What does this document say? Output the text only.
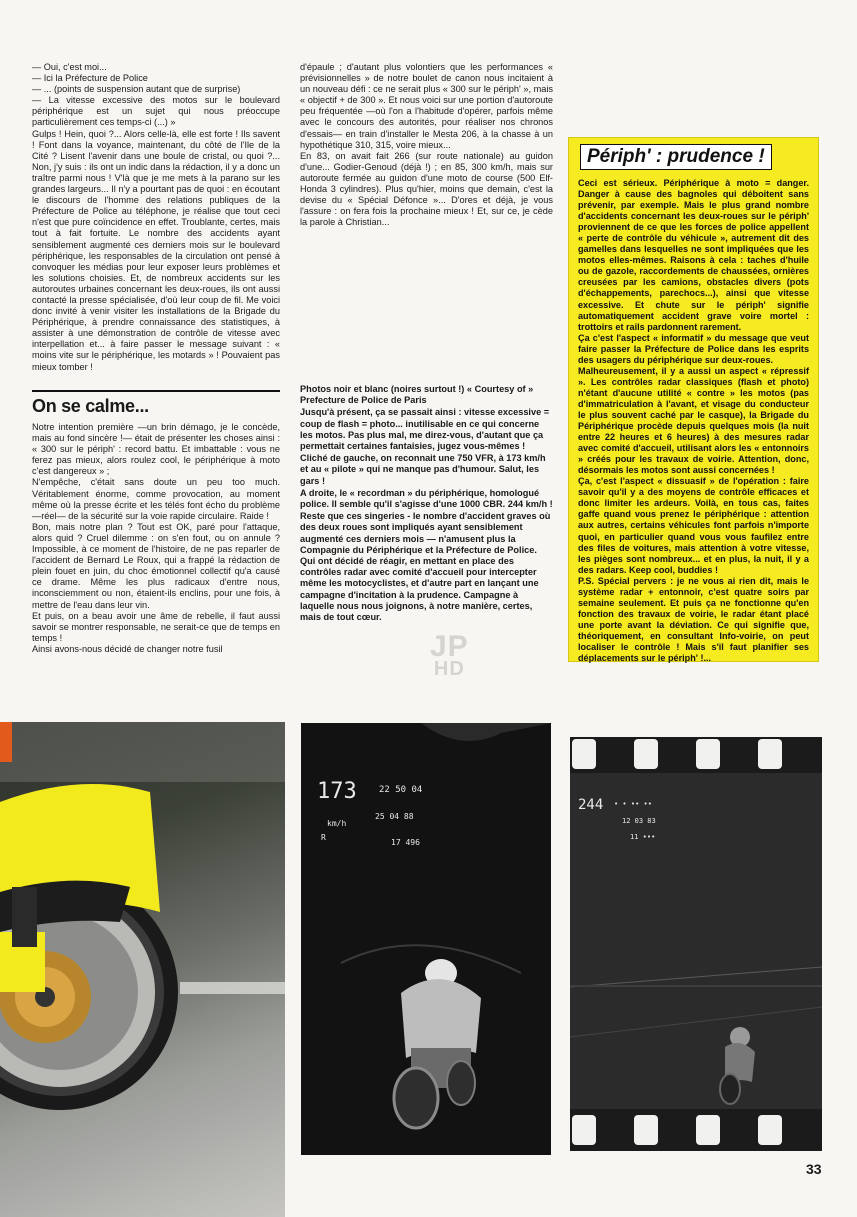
— Oui, c'est moi...

— Ici la Préfecture de Police

— ... (points de suspension autant que de surprise)

— La vitesse excessive des motos sur le boulevard périphérique est un sujet qui nous préoccupe particulièrement ces temps-ci (...) »

Gulps ! Hein, quoi ?... Alors celle-là, elle est forte ! Ils savent ! Font dans la voyance, maintenant, du côté de l'Ile de la Cité ? Lisent l'avenir dans une boule de cristal, ou quoi ?... Non, j'y suis : ils ont un indic dans la rédaction, il y a donc un traître parmi nous ! V'là que je me mets à la parano sur les grandes largeurs... Il n'y a pourtant pas de quoi : en écoutant le discours de l'homme des relations publiques de la Préfecture de Police au téléphone, je réalise que tout ceci n'est que pure coïncidence en effet. Troublante, certes, mais tout à fait fortuite. Le nombre des accidents ayant sensiblement augmenté ces derniers mois sur le boulevard périphérique, les responsables de la circulation ont pensé à convoquer les médias pour leur exposer leurs problèmes et les solutions choisies. Et, de nombreux accidents sur les autoroutes urbaines concernant les deux-roues, ils ont aussi contacté la presse spécialisée, d'où leur coup de fil. Me voici donc invité à venir visiter les installations de la Brigade du Périphérique, à prendre connaissance des statistiques, à assister à une démonstration de contrôle de vitesse avec interpellation et... à faire passer le message suivant : « moins vite sur le périphérique, les motards » ! Pouvaient pas mieux tomber !

d'épaule ; d'autant plus volontiers que les performances « prévisionnelles » de notre boulet de canon nous incitaient à un nouveau défi : ce ne serait plus « 300 sur le périph' », mais « objectif + de 300 ». Et nous voici sur une portion d'autoroute peu fréquentée —où l'on a l'habitude d'opérer, parfois même avec le concours des autorités, pour réaliser nos chronos d'essais— en train d'installer le Mesta 206, à la chasse à un hypothétique 310, 315, voire mieux...

En 83, on avait fait 266 (sur route nationale) au guidon d'une... Godier-Genoud (déjà !) ; en 85, 300 km/h, mais sur autoroute fermée au guidon d'une moto de course (500 Elf-Honda 3 cylindres). Plus qu'hier, moins que demain, c'est la devise du « Spécial Défonce »... D'ores et déjà, je vous l'assure : on fera fois la prochaine mieux ! Et, sur ce, je cède la parole à Christian...

On se calme...

Notre intention première —un brin démago, je le concède, mais au fond sincère !— était de présenter les choses ainsi : « 300 sur le périph' : record battu. Et imbattable : vous ne ferez pas mieux, alors roulez cool, le périphérique à moto c'est dangereux » ;

N'empêche, c'était sans doute un peu too much. Véritablement énorme, comme provocation, au moment même où la presse écrite et les télés font écho du problème —réel— de la sécurité sur la voie rapide circulaire. Raide !

Bon, mais notre plan ? Tout est OK, paré pour l'attaque, alors quid ? Cruel dilemme : on s'en fout, ou on annule ? Impossible, à ce moment de l'histoire, de ne pas reparler de l'accident de Bernard Le Roux, qui a frappé la rédaction de plein fouet en juin, du choc émotionnel collectif qu'a causé ce drame. Même les plus radicaux d'entre nous, inconsciemment ou non, étaient-ils enclins, pour une fois, à mettre de l'eau dans leur vin.

Et puis, on a beau avoir une âme de rebelle, il faut aussi savoir se montrer responsable, ne serait-ce que de temps en temps !

Ainsi avons-nous décidé de changer notre fusil

Photos noir et blanc (noires surtout !) « Courtesy of » Prefecture de Police de Paris

Jusqu'à présent, ça se passait ainsi : vitesse excessive = coup de flash = photo... inutilisable en ce qui concerne les motos. Pas plus mal, me direz-vous, d'autant que ça permettait certaines fantaisies, jugez vous-mêmes !

Cliché de gauche, on reconnait une 750 VFR, à 173 km/h et au « pilote » qui ne manque pas d'humour. Salut, les gars !

A droite, le « recordman » du périphérique, homologué police. Il semble qu'il s'agisse d'une 1000 CBR. 244 km/h !

Reste que ces singeries - le nombre d'accident graves où des deux roues sont impliqués ayant sensiblement augmenté ces derniers mois — n'amusent plus la Compagnie du Périphérique et la Préfecture de Police. Qui ont décidé de réagir, en mettant en place des contrôles radar avec comité d'accueil pour intercepter même les motocyclistes, et d'autre part en lançant une campagne d'incitation à la prudence. Campagne à laquelle nous nous joignons, à notre manière, certes, mais de tout cœur.

Périph' : prudence !

Ceci est sérieux. Périphérique à moto = danger. Danger à cause des bagnoles qui déboitent sans prévenir, par exemple. Mais le plus grand nombre d'accidents concernant les deux-roues sur le périph' proviennent de ce que les forces de police appellent « perte de contrôle du véhicule », autrement dit des gamelles dans lesquelles ne sont impliquées que les motos elles-mêmes. Raisons à cela : taches d'huile ou de gazole, raccordements de chaussées, ornières creusées par les camions, obstacles divers (pots d'échappements, parechocs...), ainsi que vitesse excessive. Et chute sur le périph' signifie automatiquement accident grave voire mortel : trottoirs et rails pardonnent rarement.

Ça c'est l'aspect « informatif » du message que veut faire passer la Préfecture de Police dans les esprits des usagers du périphérique sur deux-roues.

Malheureusement, il y a aussi un aspect « répressif ». Les contrôles radar classiques (flash et photo) n'étant d'aucune utilité « contre » les motos (pas d'immatriculation à l'avant, et visage du conducteur le plus souvent caché par le casque), la Brigade du Périphérique procède depuis quelques mois (la nuit entre 22 heures et 6 heures) à des mesures radar avec comité d'accueil, utilisant alors les « entonnoirs » créés pour les travaux de voirie. Attention, donc, désormais les motos sont aussi concernées !

Ça, c'est l'aspect « dissuasif » de l'opération : faire savoir qu'il y a des moyens de contrôle efficaces et donc limiter les ardeurs. Voilà, en tous cas, faites gaffe quand vous prenez le périphérique : attention aux autres, certains véhicules font parfois n'importe quoi, en particulier quand vous vous faufilez entre des files de voitures, mais attention à votre vitesse, les pièges sont nombreux... et en plus, la nuit, il y a des radars. Keep cool, buddies !

P.S. Spécial pervers : je ne vous ai rien dit, mais le système radar + entonnoir, c'est quatre soirs par semaine seulement. Et puis ça ne fonctionne qu'en fonction des travaux de voirie, le radar étant placé une porte avant la déviation. Ce qui signifie que, théoriquement, en consultant Info-voirie, on peut localiser le contrôle ! Mais s'il faut planifier ses déplacements sur le périph' !...

JP
HD
173 22 50 04
km/h
25 04 88
R
17 496
244 • • •• ••
12 03 83
11 •••
33
